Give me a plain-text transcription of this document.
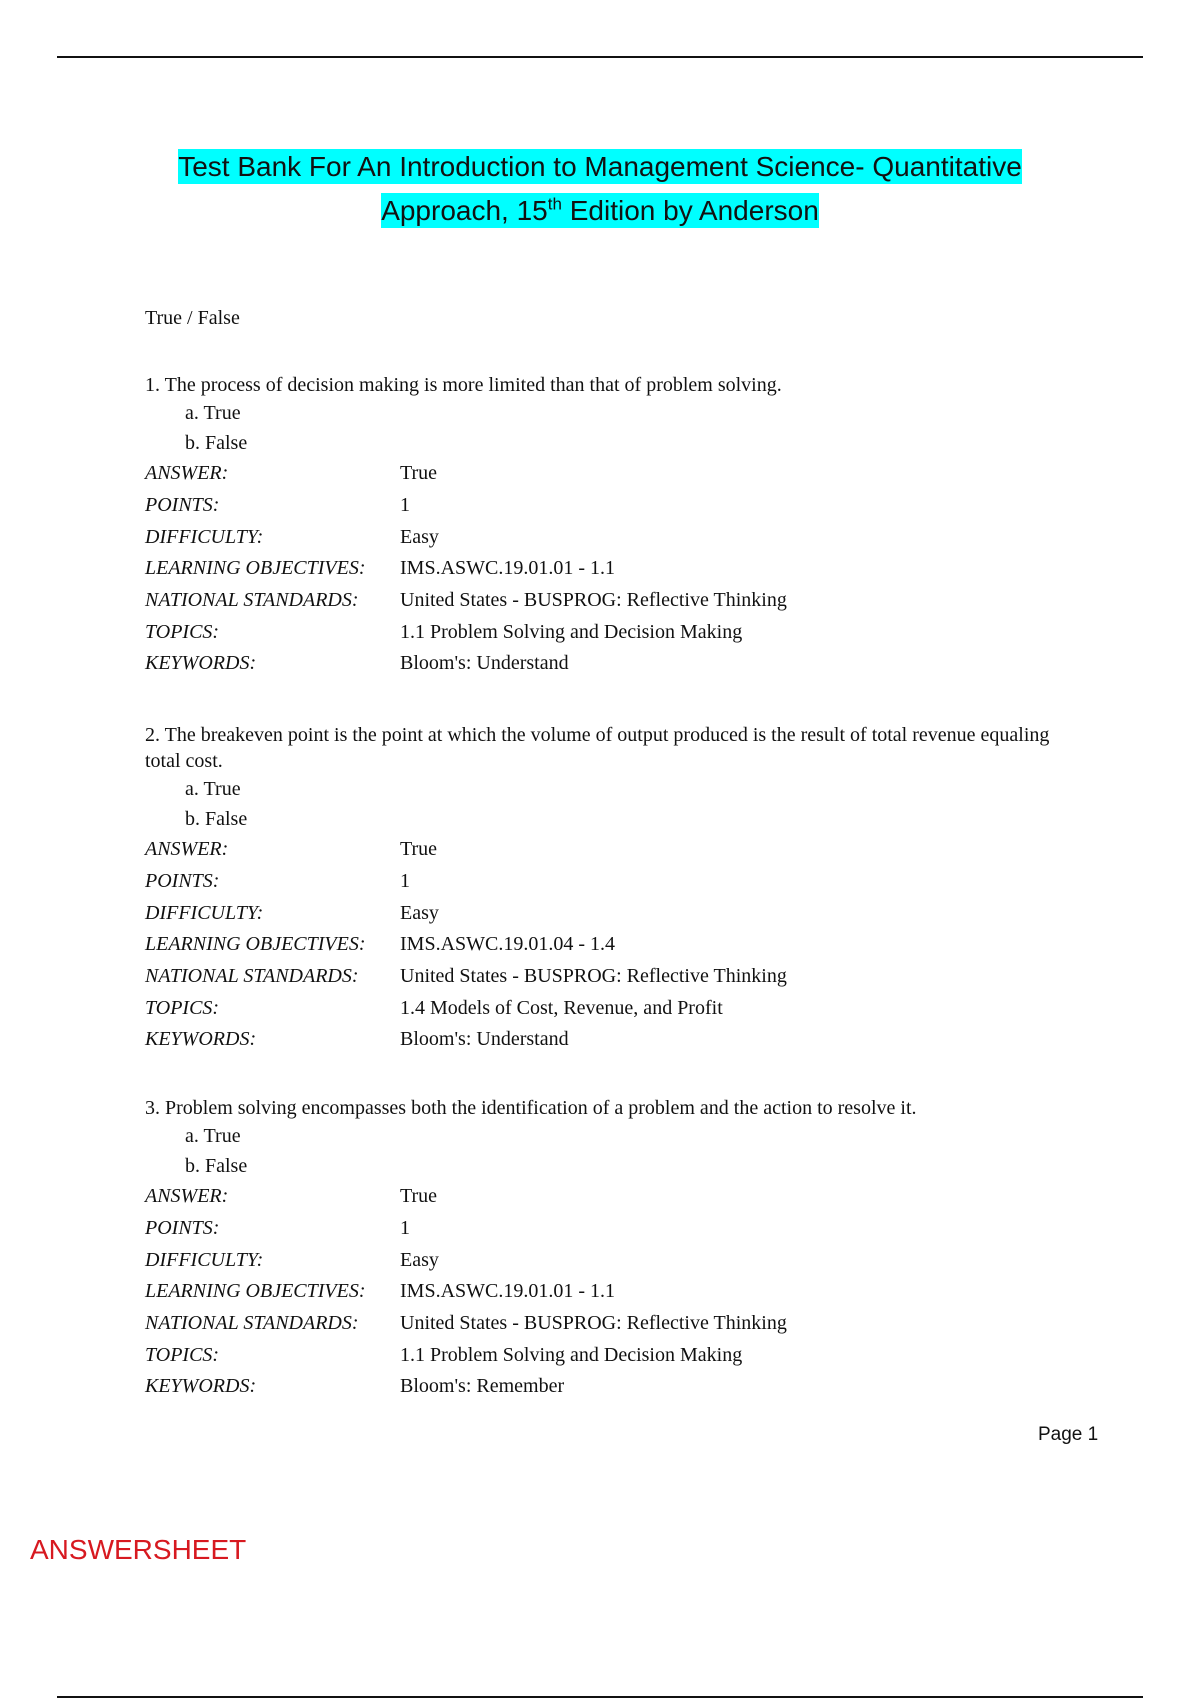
Test Bank For An Introduction to Management Science- Quantitative
Approach, 15th Edition by Anderson
True / False
1. The process of decision making is more limited than that of problem solving.
a. True
b. False
ANSWER:	True
POINTS:	1
DIFFICULTY:	Easy
LEARNING OBJECTIVES:	IMS.ASWC.19.01.01 - 1.1
NATIONAL STANDARDS:	United States - BUSPROG: Reflective Thinking
TOPICS:	1.1 Problem Solving and Decision Making
KEYWORDS:	Bloom's: Understand
2. The breakeven point is the point at which the volume of output produced is the result of total revenue equaling total cost.
a. True
b. False
ANSWER:	True
POINTS:	1
DIFFICULTY:	Easy
LEARNING OBJECTIVES:	IMS.ASWC.19.01.04 - 1.4
NATIONAL STANDARDS:	United States - BUSPROG: Reflective Thinking
TOPICS:	1.4 Models of Cost, Revenue, and Profit
KEYWORDS:	Bloom's: Understand
3. Problem solving encompasses both the identification of a problem and the action to resolve it.
a. True
b. False
ANSWER:	True
POINTS:	1
DIFFICULTY:	Easy
LEARNING OBJECTIVES:	IMS.ASWC.19.01.01 - 1.1
NATIONAL STANDARDS:	United States - BUSPROG: Reflective Thinking
TOPICS:	1.1 Problem Solving and Decision Making
KEYWORDS:	Bloom's: Remember
Page 1
ANSWERSHEET
